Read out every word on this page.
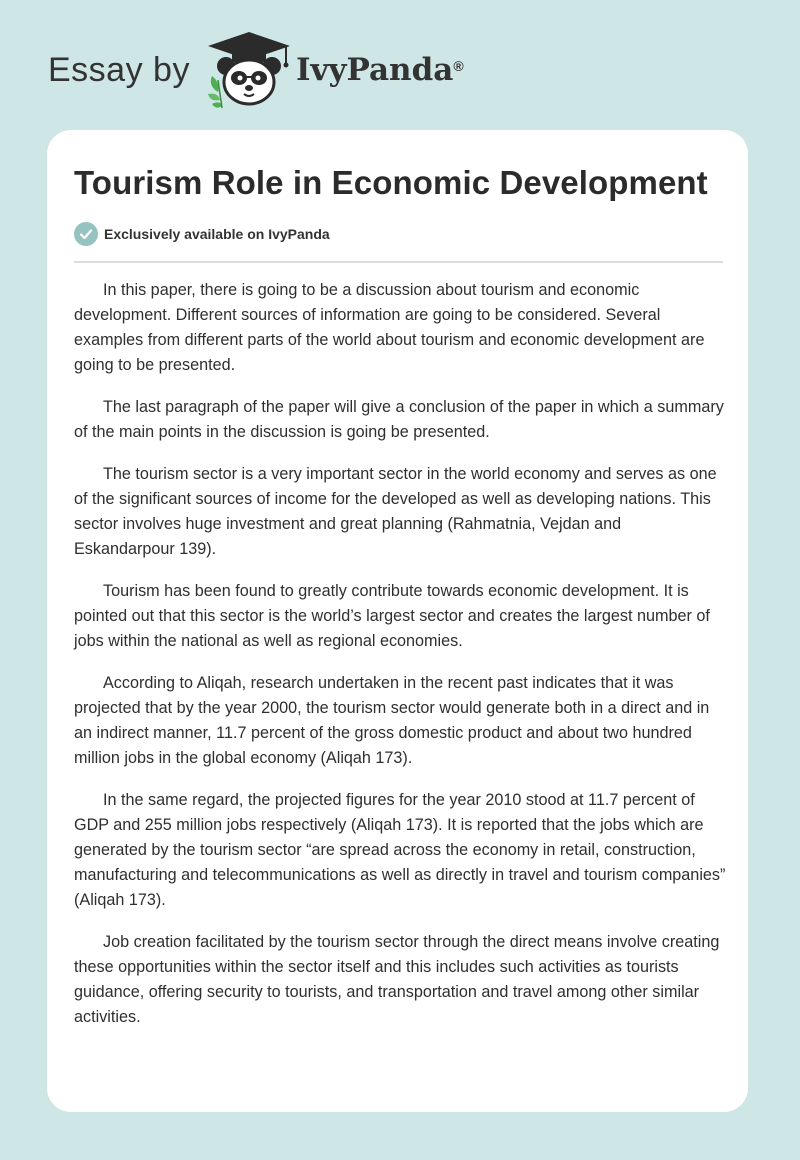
Essay by	IvyPanda®
Tourism Role in Economic Development
Exclusively available on IvyPanda

In this paper, there is going to be a discussion about tourism and economic development. Different sources of information are going to be considered. Several examples from different parts of the world about tourism and economic development are going to be presented.

The last paragraph of the paper will give a conclusion of the paper in which a summary of the main points in the discussion is going be presented.

The tourism sector is a very important sector in the world economy and serves as one of the significant sources of income for the developed as well as developing nations. This sector involves huge investment and great planning (Rahmatnia, Vejdan and Eskandarpour 139).

Tourism has been found to greatly contribute towards economic development. It is pointed out that this sector is the world’s largest sector and creates the largest number of jobs within the national as well as regional economies.

According to Aliqah, research undertaken in the recent past indicates that it was projected that by the year 2000, the tourism sector would generate both in a direct and in an indirect manner, 11.7 percent of the gross domestic product and about two hundred million jobs in the global economy (Aliqah 173).

In the same regard, the projected figures for the year 2010 stood at 11.7 percent of GDP and 255 million jobs respectively (Aliqah 173). It is reported that the jobs which are generated by the tourism sector “are spread across the economy in retail, construction, manufacturing and telecommunications as well as directly in travel and tourism companies” (Aliqah 173).

Job creation facilitated by the tourism sector through the direct means involve creating these opportunities within the sector itself and this includes such activities as tourists guidance, offering security to tourists, and transportation and travel among other similar activities.
